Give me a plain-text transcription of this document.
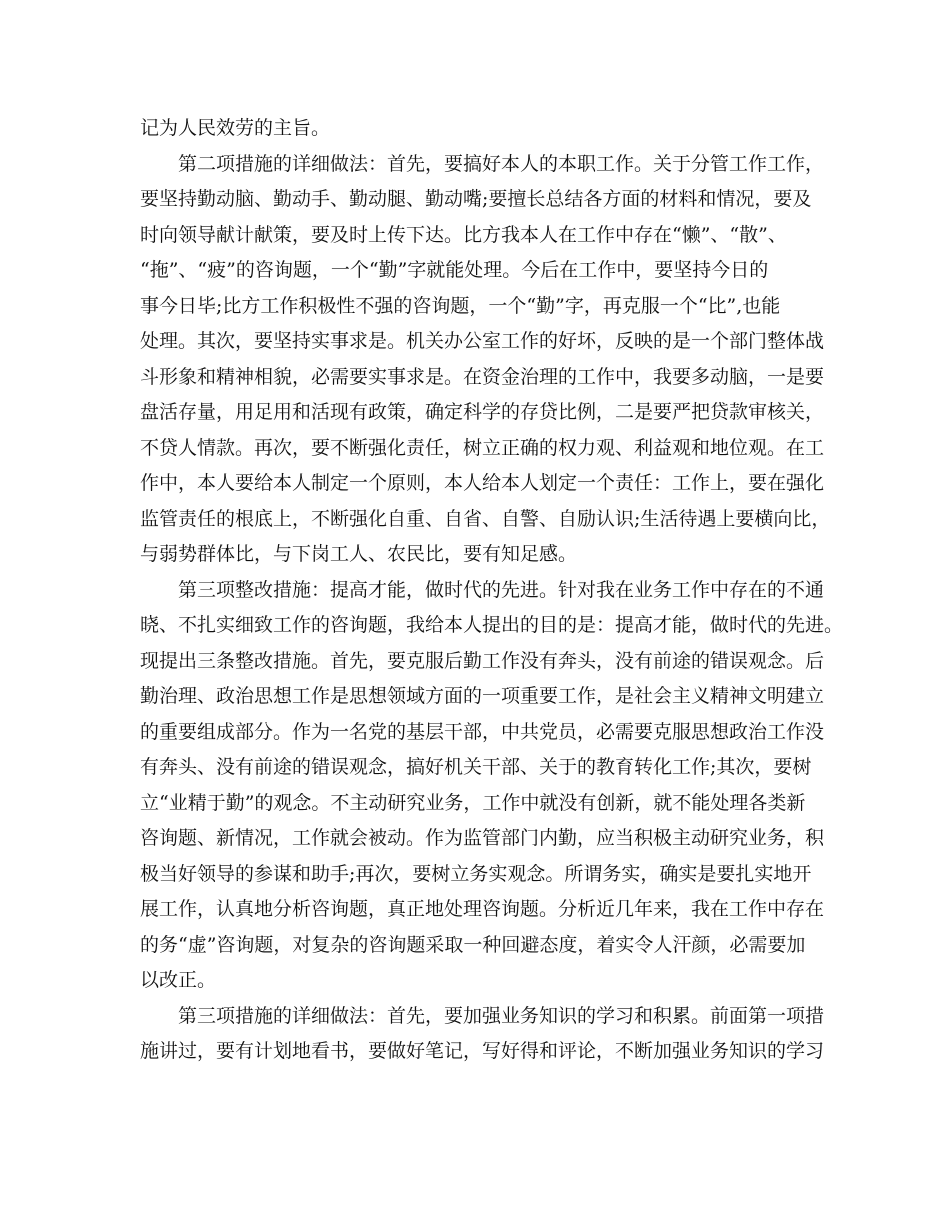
记为人民效劳的主旨。
第二项措施的详细做法：首先，要搞好本人的本职工作。关于分管工作工作，
要坚持勤动脑、勤动手、勤动腿、勤动嘴;要擅长总结各方面的材料和情况，要及
时向领导献计献策，要及时上传下达。比方我本人在工作中存在“懒”、“散”、
“拖”、“疲”的咨询题，一个“勤”字就能处理。今后在工作中，要坚持今日的
事今日毕;比方工作积极性不强的咨询题，一个“勤”字，再克服一个“比”,也能
处理。其次，要坚持实事求是。机关办公室工作的好坏，反映的是一个部门整体战
斗形象和精神相貌，必需要实事求是。在资金治理的工作中，我要多动脑，一是要
盘活存量，用足用和活现有政策，确定科学的存贷比例，二是要严把贷款审核关，
不贷人情款。再次，要不断强化责任，树立正确的权力观、利益观和地位观。在工
作中，本人要给本人制定一个原则，本人给本人划定一个责任：工作上，要在强化
监管责任的根底上，不断强化自重、自省、自警、自励认识;生活待遇上要横向比，
与弱势群体比，与下岗工人、农民比，要有知足感。
第三项整改措施：提高才能，做时代的先进。针对我在业务工作中存在的不通
晓、不扎实细致工作的咨询题，我给本人提出的目的是：提高才能，做时代的先进。
现提出三条整改措施。首先，要克服后勤工作没有奔头，没有前途的错误观念。后
勤治理、政治思想工作是思想领域方面的一项重要工作，是社会主义精神文明建立
的重要组成部分。作为一名党的基层干部，中共党员，必需要克服思想政治工作没
有奔头、没有前途的错误观念，搞好机关干部、关于的教育转化工作;其次，要树
立“业精于勤”的观念。不主动研究业务，工作中就没有创新，就不能处理各类新
咨询题、新情况，工作就会被动。作为监管部门内勤，应当积极主动研究业务，积
极当好领导的参谋和助手;再次，要树立务实观念。所谓务实，确实是要扎实地开
展工作，认真地分析咨询题，真正地处理咨询题。分析近几年来，我在工作中存在
的务“虚”咨询题，对复杂的咨询题采取一种回避态度，着实令人汗颜，必需要加
以改正。
第三项措施的详细做法：首先，要加强业务知识的学习和积累。前面第一项措
施讲过，要有计划地看书，要做好笔记，写好得和评论，不断加强业务知识的学习
